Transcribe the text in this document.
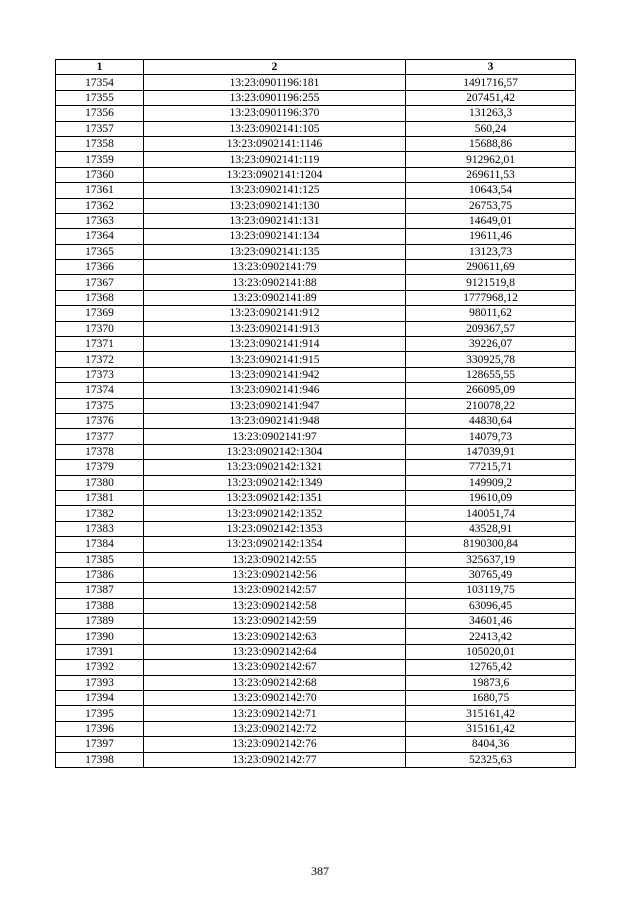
1	2	3
17354	13:23:0901196:181	1491716,57
17355	13:23:0901196:255	207451,42
17356	13:23:0901196:370	131263,3
17357	13:23:0902141:105	560,24
17358	13:23:0902141:1146	15688,86
17359	13:23:0902141:119	912962,01
17360	13:23:0902141:1204	269611,53
17361	13:23:0902141:125	10643,54
17362	13:23:0902141:130	26753,75
17363	13:23:0902141:131	14649,01
17364	13:23:0902141:134	19611,46
17365	13:23:0902141:135	13123,73
17366	13:23:0902141:79	290611,69
17367	13:23:0902141:88	9121519,8
17368	13:23:0902141:89	1777968,12
17369	13:23:0902141:912	98011,62
17370	13:23:0902141:913	209367,57
17371	13:23:0902141:914	39226,07
17372	13:23:0902141:915	330925,78
17373	13:23:0902141:942	128655,55
17374	13:23:0902141:946	266095,09
17375	13:23:0902141:947	210078,22
17376	13:23:0902141:948	44830,64
17377	13:23:0902141:97	14079,73
17378	13:23:0902142:1304	147039,91
17379	13:23:0902142:1321	77215,71
17380	13:23:0902142:1349	149909,2
17381	13:23:0902142:1351	19610,09
17382	13:23:0902142:1352	140051,74
17383	13:23:0902142:1353	43528,91
17384	13:23:0902142:1354	8190300,84
17385	13:23:0902142:55	325637,19
17386	13:23:0902142:56	30765,49
17387	13:23:0902142:57	103119,75
17388	13:23:0902142:58	63096,45
17389	13:23:0902142:59	34601,46
17390	13:23:0902142:63	22413,42
17391	13:23:0902142:64	105020,01
17392	13:23:0902142:67	12765,42
17393	13:23:0902142:68	19873,6
17394	13:23:0902142:70	1680,75
17395	13:23:0902142:71	315161,42
17396	13:23:0902142:72	315161,42
17397	13:23:0902142:76	8404,36
17398	13:23:0902142:77	52325,63
387
